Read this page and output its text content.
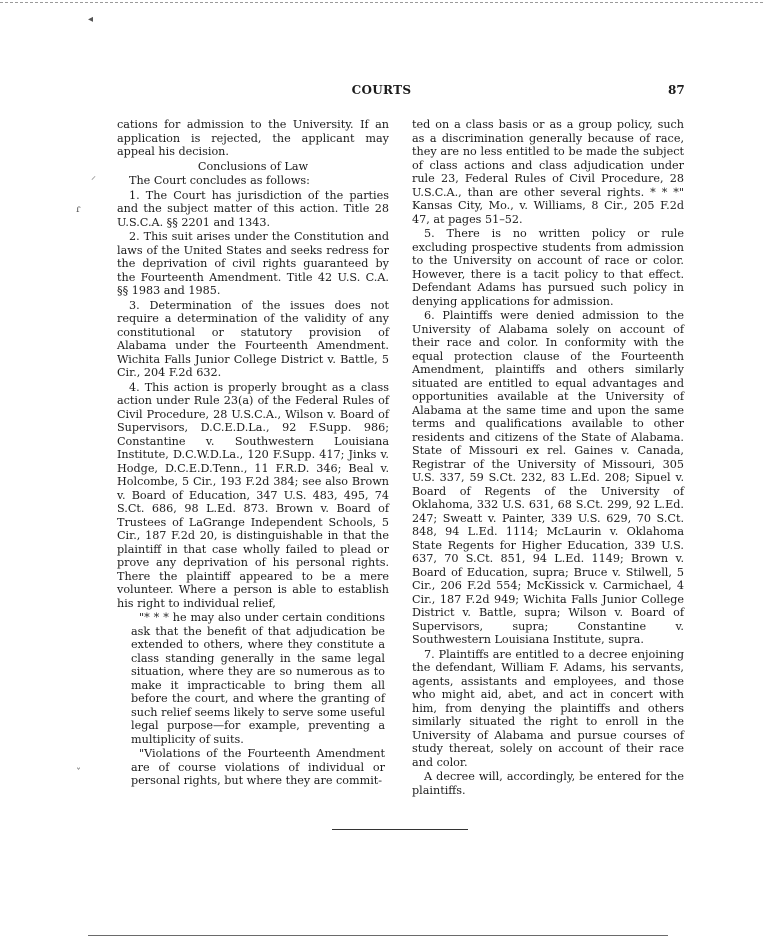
◂
⸝
ɾ
ˇ
COURTS	87

cations for admission to the University. If an application is rejected, the applicant may appeal his decision.

Conclusions of Law

The Court concludes as follows:

1. The Court has jurisdiction of the parties and the subject matter of this action. Title 28 U.S.C.A. §§ 2201 and 1343.

2. This suit arises under the Constitution and laws of the United States and seeks redress for the deprivation of civil rights guaranteed by the Fourteenth Amendment. Title 42 U.S. C.A. §§ 1983 and 1985.

3. Determination of the issues does not require a determination of the validity of any constitutional or statutory provision of Alabama under the Fourteenth Amendment. Wichita Falls Junior College District v. Battle, 5 Cir., 204 F.2d 632.

4. This action is properly brought as a class action under Rule 23(a) of the Federal Rules of Civil Procedure, 28 U.S.C.A., Wilson v. Board of Supervisors, D.C.E.D.La., 92 F.Supp. 986; Constantine v. Southwestern Louisiana Institute, D.C.W.D.La., 120 F.Supp. 417; Jinks v. Hodge, D.C.E.D.Tenn., 11 F.R.D. 346; Beal v. Holcombe, 5 Cir., 193 F.2d 384; see also Brown v. Board of Education, 347 U.S. 483, 495, 74 S.Ct. 686, 98 L.Ed. 873. Brown v. Board of Trustees of LaGrange Independent Schools, 5 Cir., 187 F.2d 20, is distinguishable in that the plaintiff in that case wholly failed to plead or prove any deprivation of his personal rights. There the plaintiff appeared to be a mere volunteer. Where a person is able to establish his right to individual relief,

"* * * he may also under certain conditions ask that the benefit of that adjudication be extended to others, where they constitute a class standing generally in the same legal situation, where they are so numerous as to make it impracticable to bring them all before the court, and where the granting of such relief seems likely to serve some useful legal purpose—for example, preventing a multiplicity of suits.

"Violations of the Fourteenth Amendment are of course violations of individual or personal rights, but where they are commit-

ted on a class basis or as a group policy, such as a discrimination generally because of race, they are no less entitled to be made the subject of class actions and class adjudication under rule 23, Federal Rules of Civil Procedure, 28 U.S.C.A., than are other several rights. * * *" Kansas City, Mo., v. Williams, 8 Cir., 205 F.2d 47, at pages 51–52.

5. There is no written policy or rule excluding prospective students from admission to the University on account of race or color. However, there is a tacit policy to that effect. Defendant Adams has pursued such policy in denying applications for admission.

6. Plaintiffs were denied admission to the University of Alabama solely on account of their race and color. In conformity with the equal protection clause of the Fourteenth Amendment, plaintiffs and others similarly situated are entitled to equal advantages and opportunities available at the University of Alabama at the same time and upon the same terms and qualifications available to other residents and citizens of the State of Alabama. State of Missouri ex rel. Gaines v. Canada, Registrar of the University of Missouri, 305 U.S. 337, 59 S.Ct. 232, 83 L.Ed. 208; Sipuel v. Board of Regents of the University of Oklahoma, 332 U.S. 631, 68 S.Ct. 299, 92 L.Ed. 247; Sweatt v. Painter, 339 U.S. 629, 70 S.Ct. 848, 94 L.Ed. 1114; McLaurin v. Oklahoma State Regents for Higher Education, 339 U.S. 637, 70 S.Ct. 851, 94 L.Ed. 1149; Brown v. Board of Education, supra; Bruce v. Stilwell, 5 Cir., 206 F.2d 554; McKissick v. Carmichael, 4 Cir., 187 F.2d 949; Wichita Falls Junior College District v. Battle, supra; Wilson v. Board of Supervisors, supra; Constantine v. Southwestern Louisiana Institute, supra.

7. Plaintiffs are entitled to a decree enjoining the defendant, William F. Adams, his servants, agents, assistants and employees, and those who might aid, abet, and act in concert with him, from denying the plaintiffs and others similarly situated the right to enroll in the University of Alabama and pursue courses of study thereat, solely on account of their race and color.

A decree will, accordingly, be entered for the plaintiffs.
